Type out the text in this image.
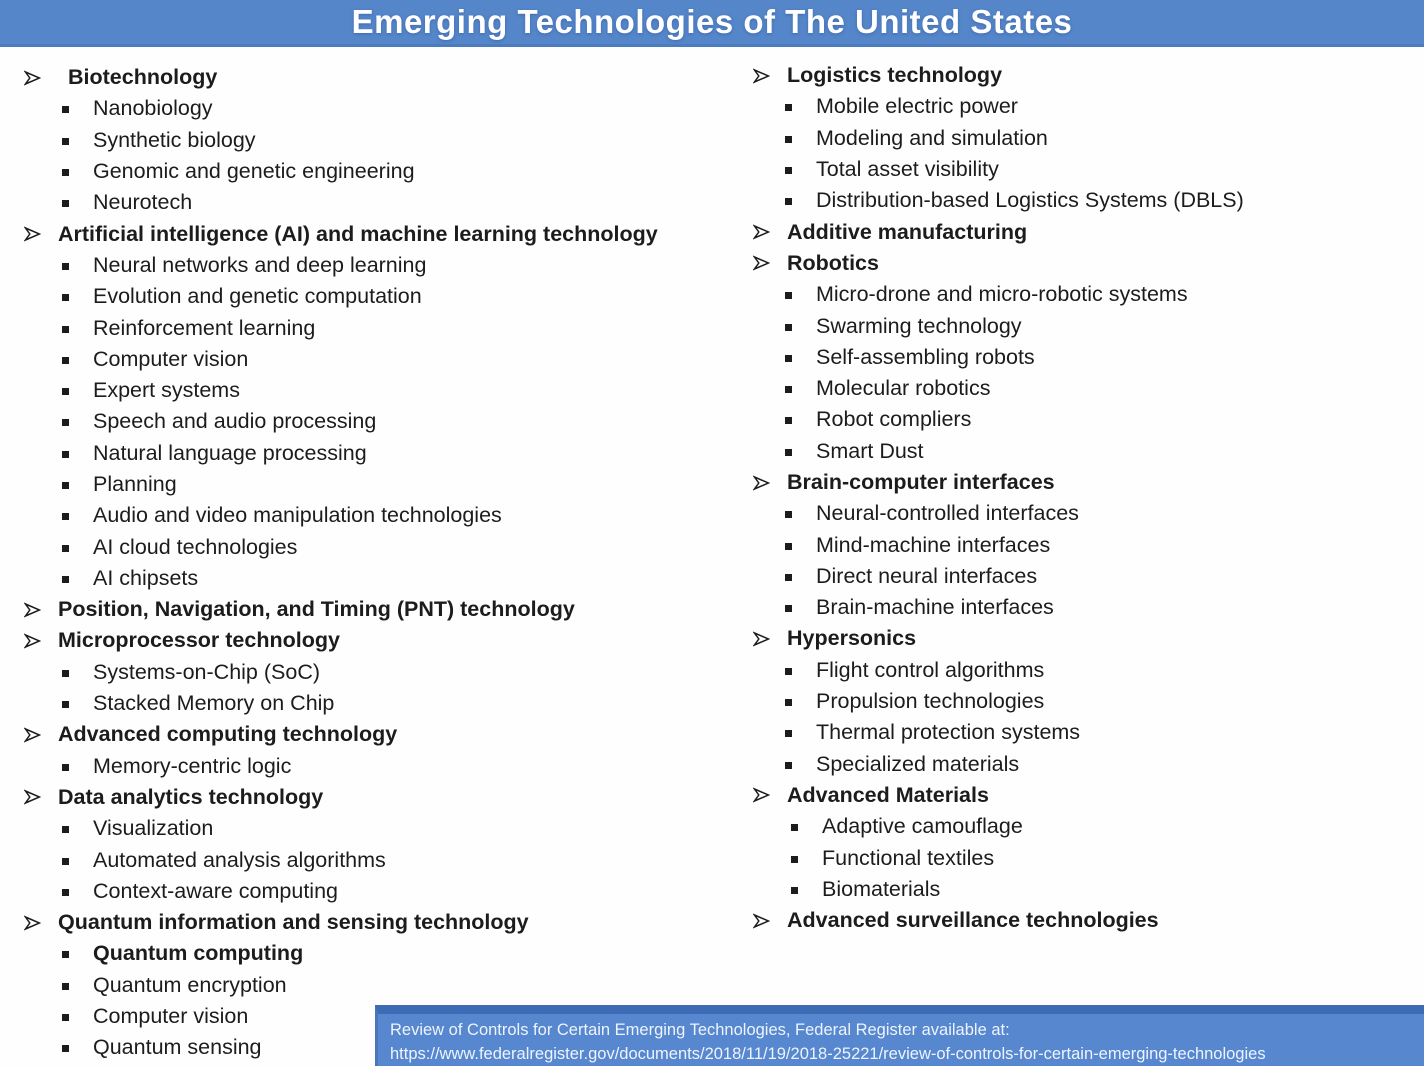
Emerging Technologies of The United States
Biotechnology
Nanobiology
Synthetic biology
Genomic and genetic engineering
Neurotech
Artificial intelligence (AI) and machine learning technology
Neural networks and deep learning
Evolution and genetic computation
Reinforcement learning
Computer vision
Expert systems
Speech and audio processing
Natural language processing
Planning
Audio and video manipulation technologies
AI cloud technologies
AI chipsets
Position, Navigation, and Timing (PNT) technology
Microprocessor technology
Systems-on-Chip (SoC)
Stacked Memory on Chip
Advanced computing technology
Memory-centric logic
Data analytics technology
Visualization
Automated analysis algorithms
Context-aware computing
Quantum information and sensing technology
Quantum computing
Quantum encryption
Computer vision
Quantum sensing
Logistics technology
Mobile electric power
Modeling and simulation
Total asset visibility
Distribution-based Logistics Systems (DBLS)
Additive manufacturing
Robotics
Micro-drone and micro-robotic systems
Swarming technology
Self-assembling robots
Molecular robotics
Robot compliers
Smart Dust
Brain-computer interfaces
Neural-controlled interfaces
Mind-machine interfaces
Direct neural interfaces
Brain-machine interfaces
Hypersonics
Flight control algorithms
Propulsion technologies
Thermal protection systems
Specialized materials
Advanced Materials
Adaptive camouflage
Functional textiles
Biomaterials
Advanced surveillance technologies
Review of Controls for Certain Emerging Technologies, Federal Register available at:
https://www.federalregister.gov/documents/2018/11/19/2018-25221/review-of-controls-for-certain-emerging-technologies
